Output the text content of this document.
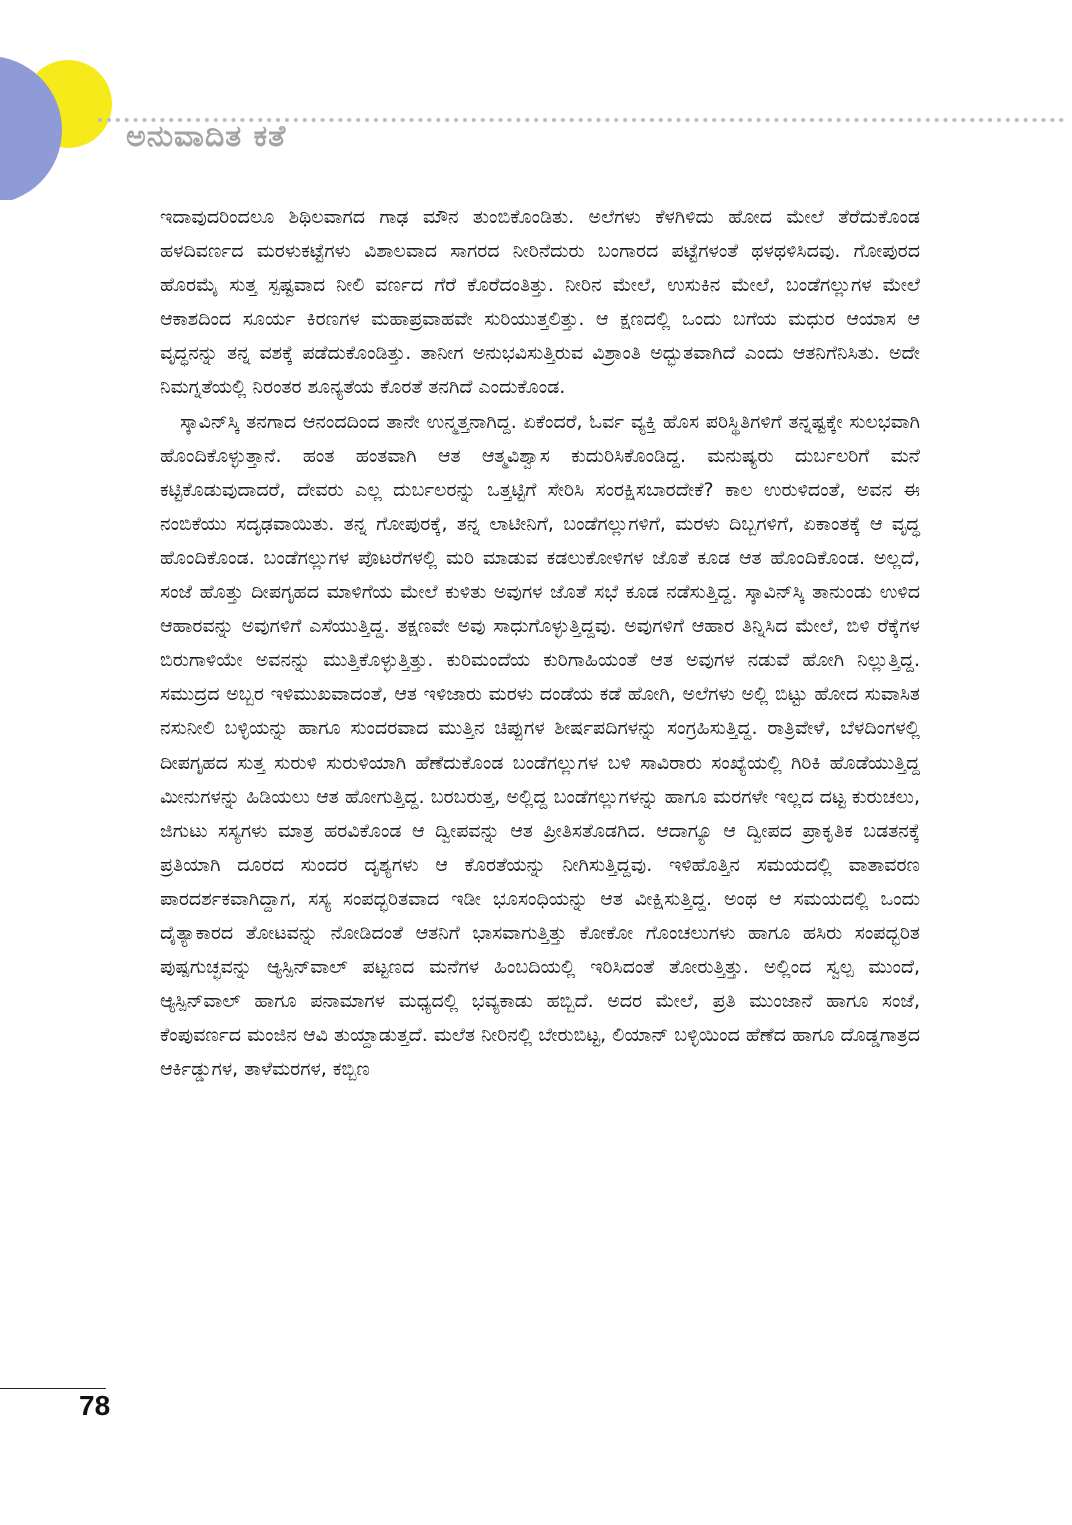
ಅನುವಾದಿತ ಕತೆ

ಇದಾವುದರಿಂದಲೂ ಶಿಥಿಲವಾಗದ ಗಾಢ ಮೌನ ತುಂಬಿಕೊಂಡಿತು. ಅಲೆಗಳು ಕೆಳಗಿಳಿದು ಹೋದ ಮೇಲೆ ತೆರೆದುಕೊಂಡ ಹಳದಿವರ್ಣದ ಮರಳುಕಟ್ಟೆಗಳು ವಿಶಾಲವಾದ ಸಾಗರದ ನೀರಿನೆದುರು ಬಂಗಾರದ ಪಟ್ಟೆಗಳಂತೆ ಥಳಥಳಿಸಿದವು. ಗೋಪುರದ ಹೊರಮೈ ಸುತ್ತ ಸ್ಪಷ್ಟವಾದ ನೀಲಿ ವರ್ಣದ ಗೆರೆ ಕೊರೆದಂತಿತ್ತು. ನೀರಿನ ಮೇಲೆ, ಉಸುಕಿನ ಮೇಲೆ, ಬಂಡೆಗಲ್ಲುಗಳ ಮೇಲೆ ಆಕಾಶದಿಂದ ಸೂರ್ಯ ಕಿರಣಗಳ ಮಹಾಪ್ರವಾಹವೇ ಸುರಿಯುತ್ತಲಿತ್ತು. ಆ ಕ್ಷಣದಲ್ಲಿ ಒಂದು ಬಗೆಯ ಮಧುರ ಆಯಾಸ ಆ ವೃದ್ಧನನ್ನು ತನ್ನ ವಶಕ್ಕೆ ಪಡೆದುಕೊಂಡಿತ್ತು. ತಾನೀಗ ಅನುಭವಿಸುತ್ತಿರುವ ವಿಶ್ರಾಂತಿ ಅದ್ಭುತವಾಗಿದೆ ಎಂದು ಆತನಿಗೆನಿಸಿತು. ಅದೇ ನಿಮಗ್ನತೆಯಲ್ಲಿ ನಿರಂತರ ಶೂನ್ಯತೆಯ ಕೊರತೆ ತನಗಿದೆ ಎಂದುಕೊಂಡ.

ಸ್ಕಾವಿನ್‌ಸ್ಕಿ ತನಗಾದ ಆನಂದದಿಂದ ತಾನೇ ಉನ್ಮತ್ತನಾಗಿದ್ದ. ಏಕೆಂದರೆ, ಓರ್ವ ವ್ಯಕ್ತಿ ಹೊಸ ಪರಿಸ್ಥಿತಿಗಳಿಗೆ ತನ್ನಷ್ಟಕ್ಕೇ ಸುಲಭವಾಗಿ ಹೊಂದಿಕೊಳ್ಳುತ್ತಾನೆ. ಹಂತ ಹಂತವಾಗಿ ಆತ ಆತ್ಮವಿಶ್ವಾಸ ಕುದುರಿಸಿಕೊಂಡಿದ್ದ. ಮನುಷ್ಯರು ದುರ್ಬಲರಿಗೆ ಮನೆ ಕಟ್ಟಿಕೊಡುವುದಾದರೆ, ದೇವರು ಎಲ್ಲ ದುರ್ಬಲರನ್ನು ಒತ್ತಟ್ಟಿಗೆ ಸೇರಿಸಿ ಸಂರಕ್ಷಿಸಬಾರದೇಕೆ? ಕಾಲ ಉರುಳಿದಂತೆ, ಅವನ ಈ ನಂಬಿಕೆಯು ಸದೃಢವಾಯಿತು. ತನ್ನ ಗೋಪುರಕ್ಕೆ, ತನ್ನ ಲಾಟೀನಿಗೆ, ಬಂಡೆಗಲ್ಲುಗಳಿಗೆ, ಮರಳು ದಿಬ್ಬಗಳಿಗೆ, ಏಕಾಂತಕ್ಕೆ ಆ ವೃದ್ಧ ಹೊಂದಿಕೊಂಡ. ಬಂಡೆಗಲ್ಲುಗಳ ಪೊಟರೆಗಳಲ್ಲಿ ಮರಿ ಮಾಡುವ ಕಡಲುಕೋಳಿಗಳ ಜೊತೆ ಕೂಡ ಆತ ಹೊಂದಿಕೊಂಡ. ಅಲ್ಲದೆ, ಸಂಜೆ ಹೊತ್ತು ದೀಪಗೃಹದ ಮಾಳಿಗೆಯ ಮೇಲೆ ಕುಳಿತು ಅವುಗಳ ಜೊತೆ ಸಭೆ ಕೂಡ ನಡೆಸುತ್ತಿದ್ದ. ಸ್ಕಾವಿನ್‌ಸ್ಕಿ ತಾನುಂಡು ಉಳಿದ ಆಹಾರವನ್ನು ಅವುಗಳಿಗೆ ಎಸೆಯುತ್ತಿದ್ದ. ತಕ್ಷಣವೇ ಅವು ಸಾಧುಗೊಳ್ಳುತ್ತಿದ್ದವು. ಅವುಗಳಿಗೆ ಆಹಾರ ತಿನ್ನಿಸಿದ ಮೇಲೆ, ಬಿಳಿ ರೆಕ್ಕೆಗಳ ಬಿರುಗಾಳಿಯೇ ಅವನನ್ನು ಮುತ್ತಿಕೊಳ್ಳುತ್ತಿತ್ತು. ಕುರಿಮಂದೆಯ ಕುರಿಗಾಹಿಯಂತೆ ಆತ ಅವುಗಳ ನಡುವೆ ಹೋಗಿ ನಿಲ್ಲುತ್ತಿದ್ದ. ಸಮುದ್ರದ ಅಬ್ಬರ ಇಳಿಮುಖವಾದಂತೆ, ಆತ ಇಳಿಜಾರು ಮರಳು ದಂಡೆಯ ಕಡೆ ಹೋಗಿ, ಅಲೆಗಳು ಅಲ್ಲಿ ಬಿಟ್ಟು ಹೋದ ಸುವಾಸಿತ ನಸುನೀಲಿ ಬಳ್ಳಿಯನ್ನು ಹಾಗೂ ಸುಂದರವಾದ ಮುತ್ತಿನ ಚಿಪ್ಪುಗಳ ಶೀರ್ಷಪದಿಗಳನ್ನು ಸಂಗ್ರಹಿಸುತ್ತಿದ್ದ. ರಾತ್ರಿವೇಳೆ, ಬೆಳದಿಂಗಳಲ್ಲಿ ದೀಪಗೃಹದ ಸುತ್ತ ಸುರುಳಿ ಸುರುಳಿಯಾಗಿ ಹೆಣೆದುಕೊಂಡ ಬಂಡೆಗಲ್ಲುಗಳ ಬಳಿ ಸಾವಿರಾರು ಸಂಖ್ಯೆಯಲ್ಲಿ ಗಿರಿಕಿ ಹೊಡೆಯುತ್ತಿದ್ದ ಮೀನುಗಳನ್ನು ಹಿಡಿಯಲು ಆತ ಹೋಗುತ್ತಿದ್ದ. ಬರಬರುತ್ತ, ಅಲ್ಲಿದ್ದ ಬಂಡೆಗಲ್ಲುಗಳನ್ನು ಹಾಗೂ ಮರಗಳೇ ಇಲ್ಲದ ದಟ್ಟ ಕುರುಚಲು, ಜಿಗುಟು ಸಸ್ಯಗಳು ಮಾತ್ರ ಹರವಿಕೊಂಡ ಆ ದ್ವೀಪವನ್ನು ಆತ ಪ್ರೀತಿಸತೊಡಗಿದ. ಆದಾಗ್ಯೂ ಆ ದ್ವೀಪದ ಪ್ರಾಕೃತಿಕ ಬಡತನಕ್ಕೆ ಪ್ರತಿಯಾಗಿ ದೂರದ ಸುಂದರ ದೃಶ್ಯಗಳು ಆ ಕೊರತೆಯನ್ನು ನೀಗಿಸುತ್ತಿದ್ದವು. ಇಳಿಹೊತ್ತಿನ ಸಮಯದಲ್ಲಿ ವಾತಾವರಣ ಪಾರದರ್ಶಕವಾಗಿದ್ದಾಗ, ಸಸ್ಯ ಸಂಪದ್ಭರಿತವಾದ ಇಡೀ ಭೂಸಂಧಿಯನ್ನು ಆತ ವೀಕ್ಷಿಸುತ್ತಿದ್ದ. ಅಂಥ ಆ ಸಮಯದಲ್ಲಿ ಒಂದು ದೈತ್ಯಾಕಾರದ ತೋಟವನ್ನು ನೋಡಿದಂತೆ ಆತನಿಗೆ ಭಾಸವಾಗುತ್ತಿತ್ತು ಕೋಕೋ ಗೊಂಚಲುಗಳು ಹಾಗೂ ಹಸಿರು ಸಂಪದ್ಭರಿತ ಪುಷ್ಪಗುಚ್ಛವನ್ನು ಆ್ಯಸ್ಪಿನ್‌ವಾಲ್ ಪಟ್ಟಣದ ಮನೆಗಳ ಹಿಂಬದಿಯಲ್ಲಿ ಇರಿಸಿದಂತೆ ತೋರುತ್ತಿತ್ತು. ಅಲ್ಲಿಂದ ಸ್ವಲ್ಪ ಮುಂದೆ, ಆ್ಯಸ್ಪಿನ್‌ವಾಲ್ ಹಾಗೂ ಪನಾಮಾಗಳ ಮಧ್ಯದಲ್ಲಿ ಭವ್ಯಕಾಡು ಹಬ್ಬಿದೆ. ಅದರ ಮೇಲೆ, ಪ್ರತಿ ಮುಂಜಾನೆ ಹಾಗೂ ಸಂಜೆ, ಕೆಂಪುವರ್ಣದ ಮಂಜಿನ ಆವಿ ತುಯ್ದಾಡುತ್ತದೆ. ಮಲೆತ ನೀರಿನಲ್ಲಿ ಬೇರುಬಿಟ್ಟ, ಲಿಯಾನ್ ಬಳ್ಳಿಯಿಂದ ಹೆಣೆದ ಹಾಗೂ ದೊಡ್ಡಗಾತ್ರದ ಆರ್ಕಿಡ್ಡುಗಳ, ತಾಳೆಮರಗಳ, ಕಬ್ಬಿಣ

78
